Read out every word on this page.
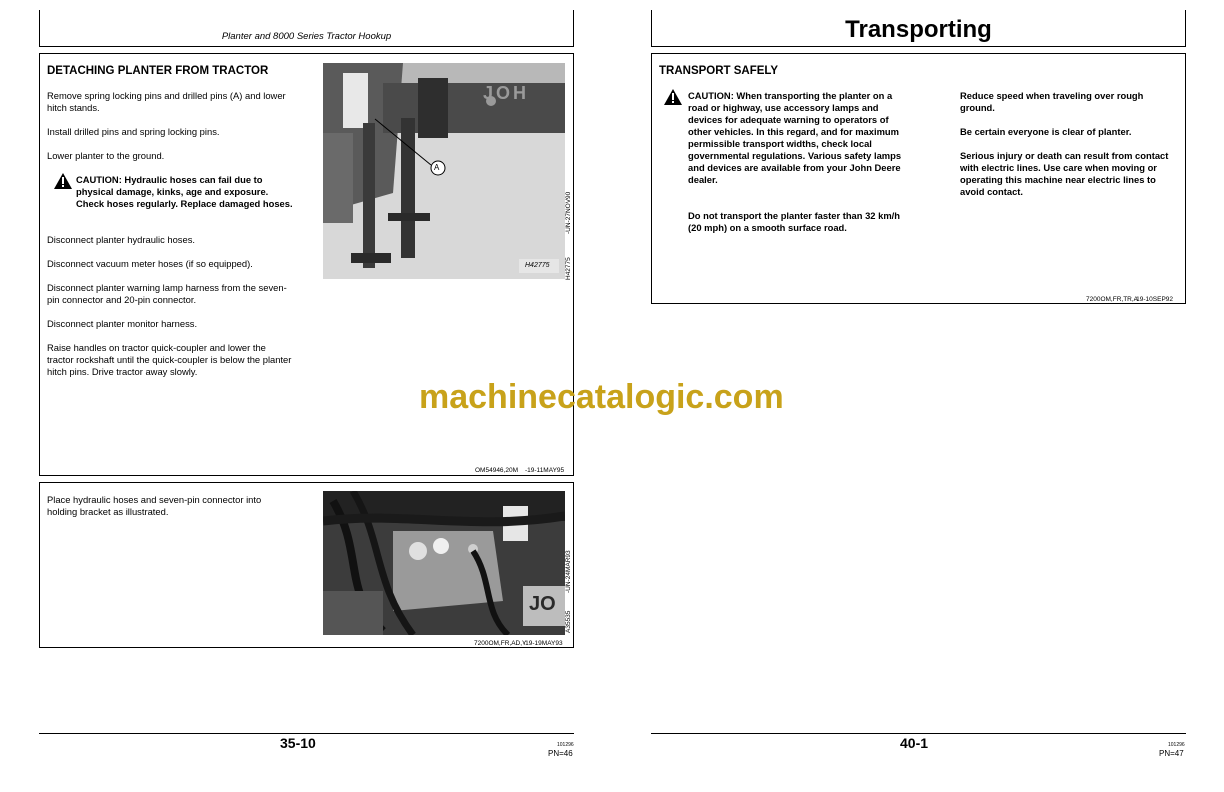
Planter and 8000 Series Tractor Hookup
DETACHING PLANTER FROM TRACTOR
Remove spring locking pins and drilled pins (A) and lower hitch stands.
Install drilled pins and spring locking pins.
Lower planter to the ground.
CAUTION: Hydraulic hoses can fail due to physical damage, kinks, age and exposure. Check hoses regularly. Replace damaged hoses.
Disconnect planter hydraulic hoses.
Disconnect vacuum meter hoses (if so equipped).
Disconnect planter warning lamp harness from the seven-pin connector and 20-pin connector.
Disconnect planter monitor harness.
Raise handles on tractor quick-coupler and lower the tractor rockshaft until the quick-coupler is below the planter hitch pins. Drive tractor away slowly.
A
JOH
H42775
-UN-27NOV90
H42775
OM54946,20M -19-11MAY95
Place hydraulic hoses and seven-pin connector into holding bracket as illustrated.
JO
-UN-24MAR93
A35535
7200OM,FR,AD,Y
-19-19MAY93
35-10	101296
PN=46
Transporting
TRANSPORT SAFELY
CAUTION: When transporting the planter on a road or highway, use accessory lamps and devices for adequate warning to operators of other vehicles. In this regard, and for maximum permissible transport widths, check local governmental regulations. Various safety lamps and devices are available from your John Deere dealer.
Do not transport the planter faster than 32 km/h (20 mph) on a smooth surface road.
Reduce speed when traveling over rough ground.
Be certain everyone is clear of planter.
Serious injury or death can result from contact with electric lines. Use care when moving or operating this machine near electric lines to avoid contact.
7200OM,FR,TR,A
-19-10SEP92
40-1	101296
PN=47
machinecatalogic.com
